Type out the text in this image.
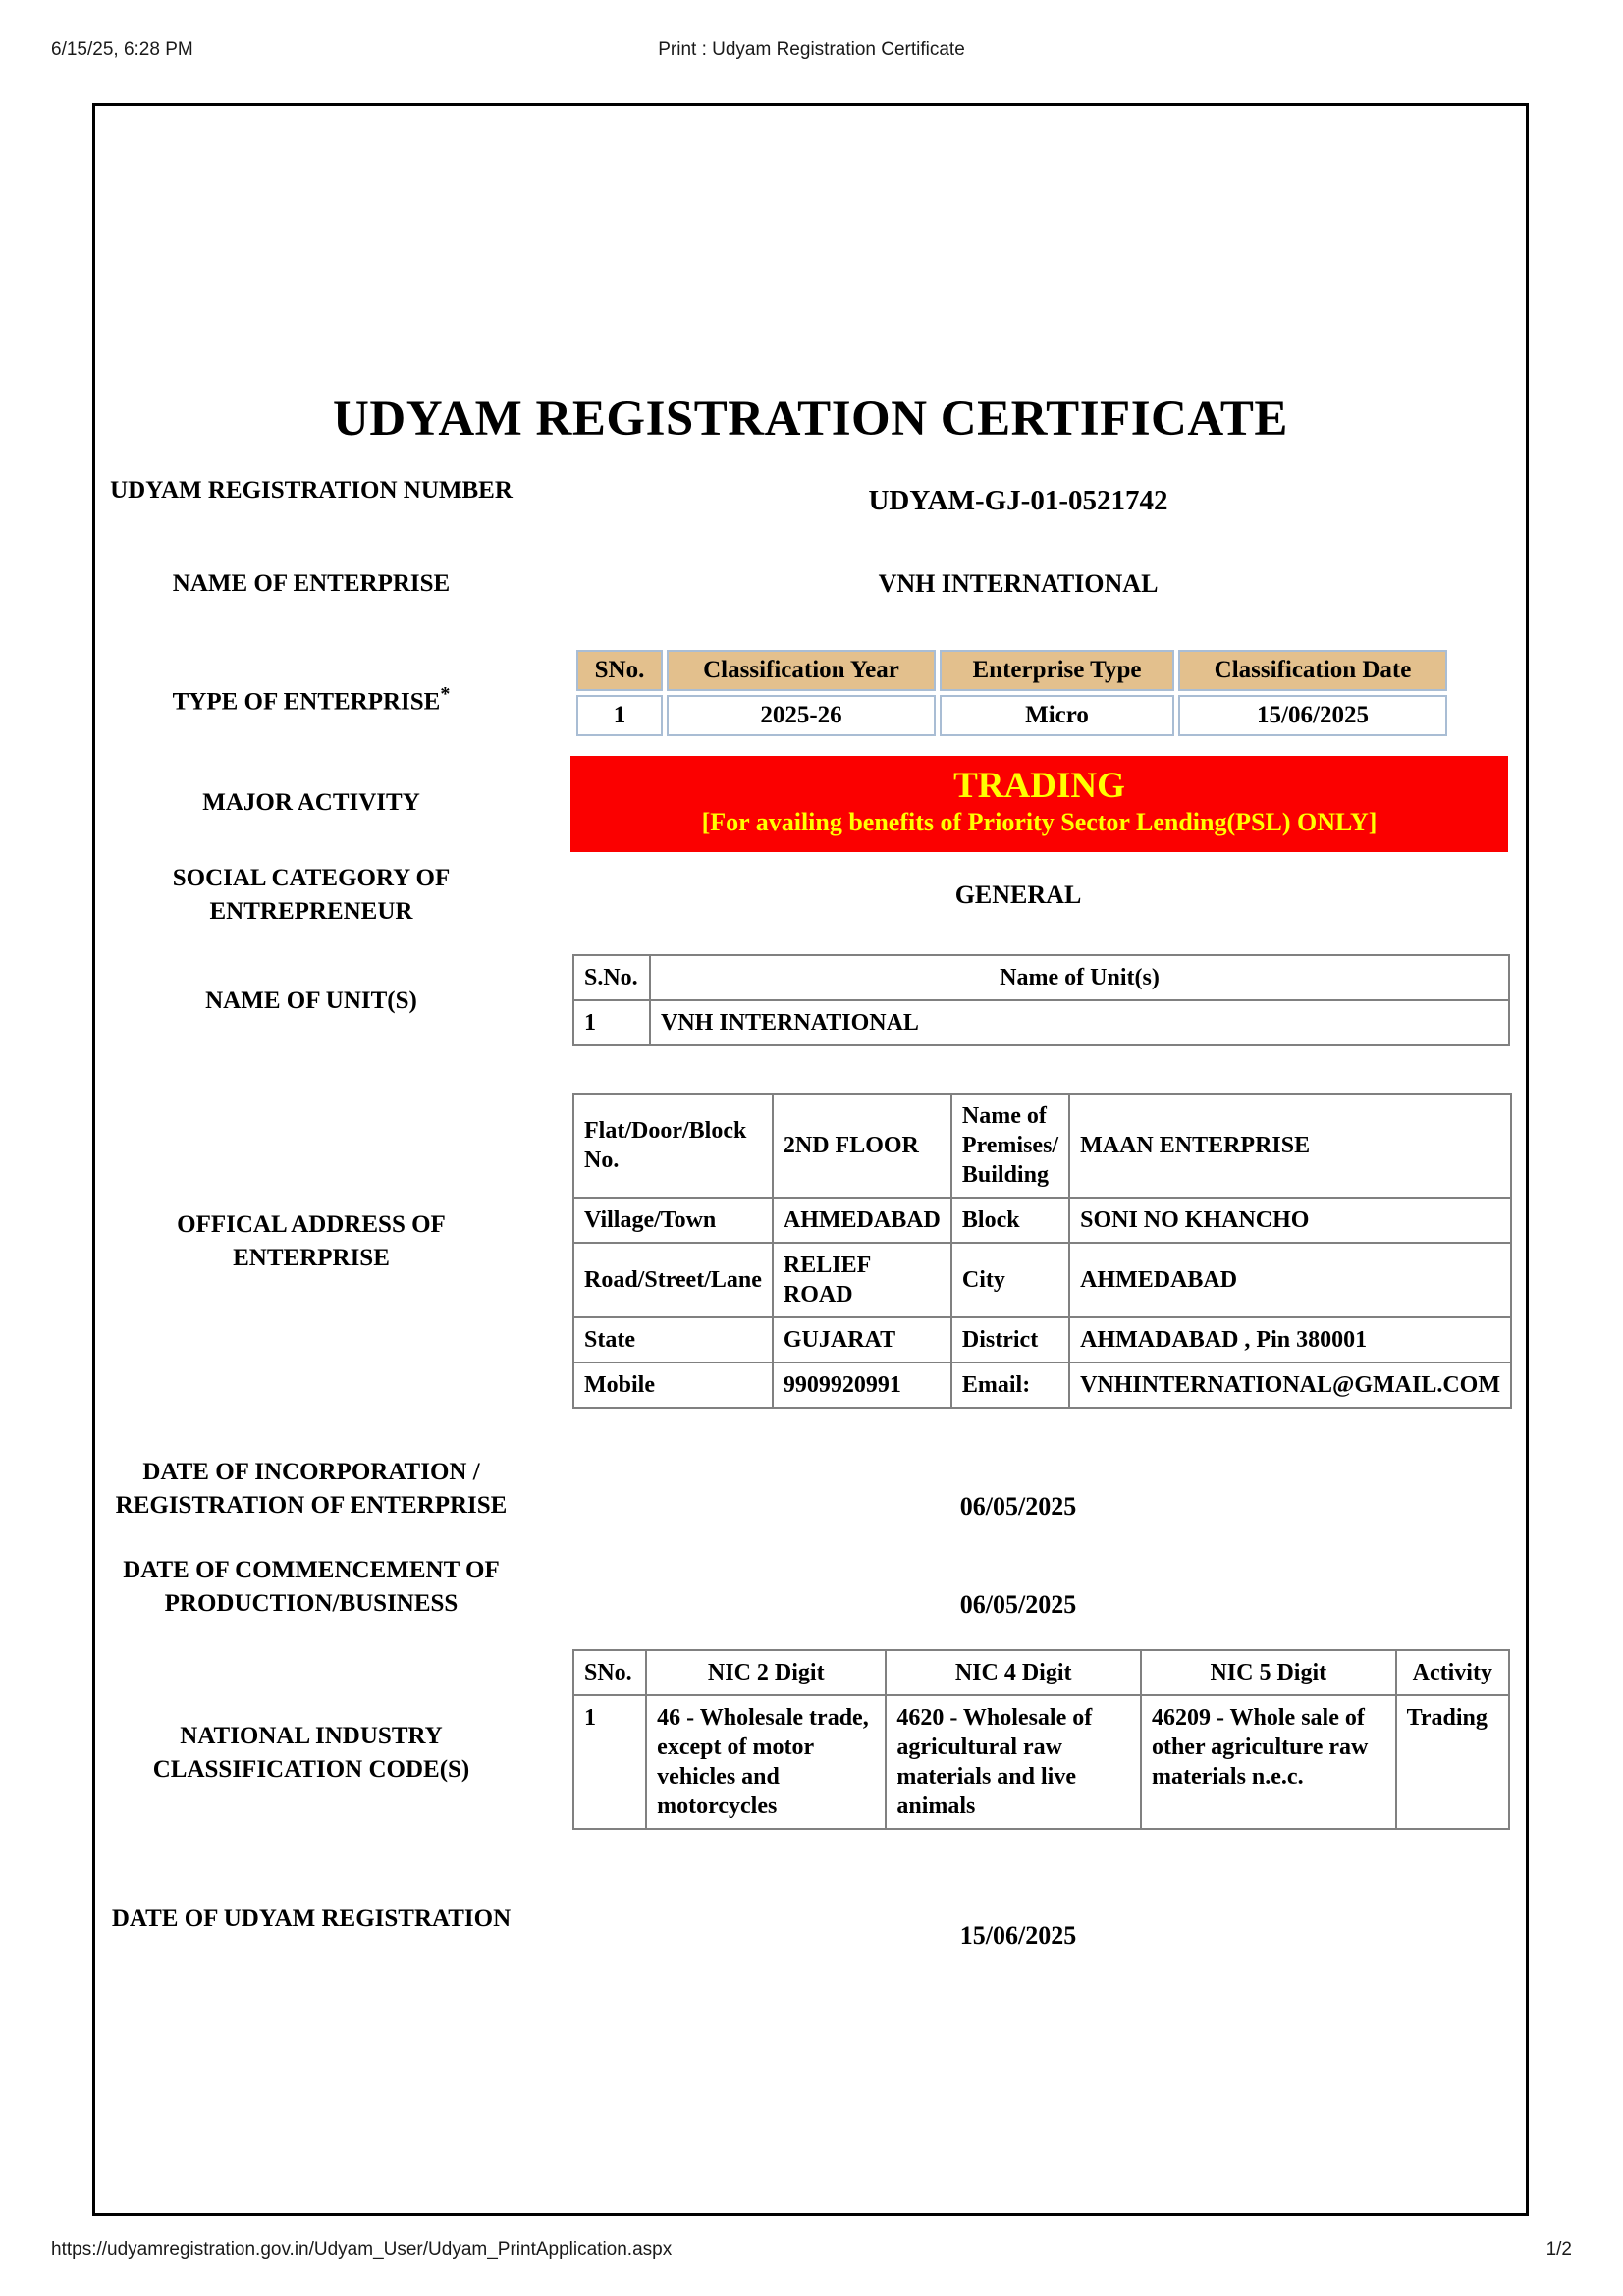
6/15/25, 6:28 PM	Print : Udyam Registration Certificate
UDYAM REGISTRATION CERTIFICATE
UDYAM REGISTRATION NUMBER	UDYAM-GJ-01-0521742
NAME OF ENTERPRISE	VNH INTERNATIONAL
TYPE OF ENTERPRISE*
SNo.	Classification Year	Enterprise Type	Classification Date
1	2025-26	Micro	15/06/2025
MAJOR ACTIVITY	TRADING
[For availing benefits of Priority Sector Lending(PSL) ONLY]
SOCIAL CATEGORY OF ENTREPRENEUR
GENERAL
NAME OF UNIT(S)
S.No.	Name of Unit(s)
1	VNH INTERNATIONAL
OFFICAL ADDRESS OF ENTERPRISE
Flat/Door/Block No.	2ND FLOOR	Name of Premises/ Building	MAAN ENTERPRISE
Village/Town	AHMEDABAD	Block	SONI NO KHANCHO
Road/Street/Lane	RELIEF ROAD	City	AHMEDABAD
State	GUJARAT	District	AHMADABAD , Pin 380001
Mobile	9909920991	Email:	VNHINTERNATIONAL@GMAIL.COM
DATE OF INCORPORATION / REGISTRATION OF ENTERPRISE	06/05/2025
DATE OF COMMENCEMENT OF PRODUCTION/BUSINESS	06/05/2025
NATIONAL INDUSTRY CLASSIFICATION CODE(S)
SNo.	NIC 2 Digit	NIC 4 Digit	NIC 5 Digit	Activity
1	46 - Wholesale trade, except of motor vehicles and motorcycles	4620 - Wholesale of agricultural raw materials and live animals	46209 - Whole sale of other agriculture raw materials n.e.c.	Trading
DATE OF UDYAM REGISTRATION
15/06/2025
https://udyamregistration.gov.in/Udyam_User/Udyam_PrintApplication.aspx	1/2
